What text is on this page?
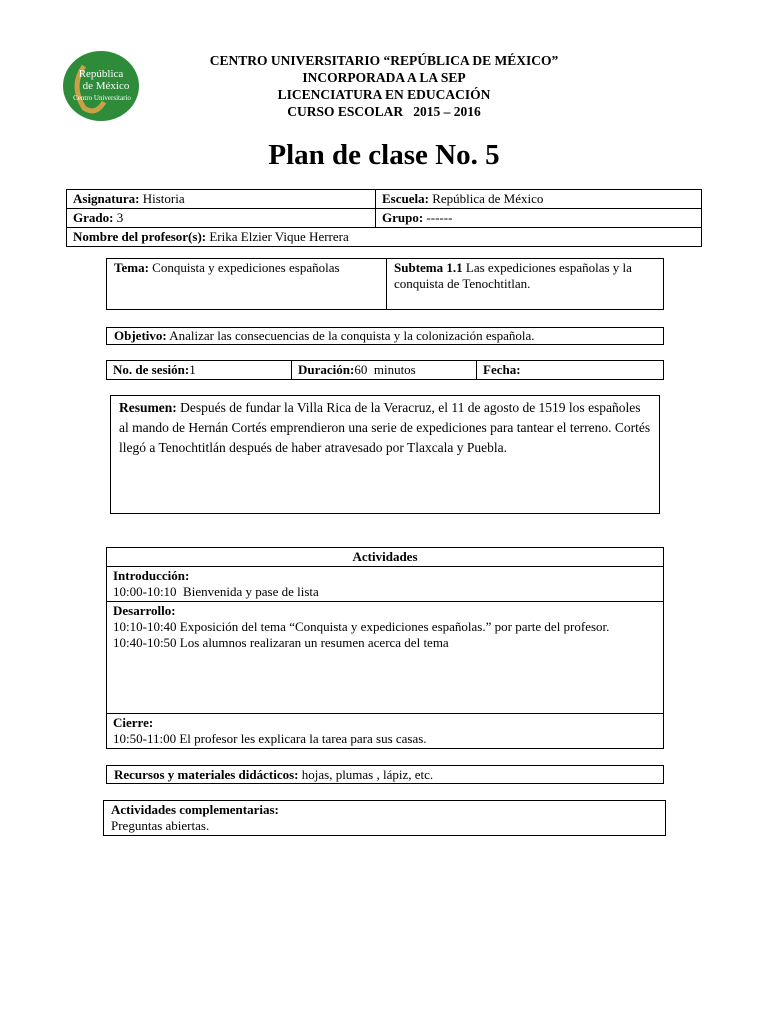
República
de México
Centro Universitario
CENTRO UNIVERSITARIO “REPÚBLICA DE MÉXICO”
INCORPORADA A LA SEP
LICENCIATURA EN EDUCACIÓN
CURSO ESCOLAR   2015 – 2016
Plan de clase No. 5
Asignatura: Historia	Escuela: República de México
Grado: 3	Grupo: ------
Nombre del profesor(s): Erika Elzier Vique Herrera	
Tema: Conquista y expediciones españolas	Subtema 1.1 Las expediciones españolas y la conquista de Tenochtitlan.
Objetivo: Analizar las consecuencias de la conquista y la colonización española.
No. de sesión:1	Duración:60  minutos	Fecha:
Resumen: Después de fundar la Villa Rica de la Veracruz, el 11 de agosto de 1519 los españoles al mando de Hernán Cortés emprendieron una serie de expediciones para tantear el terreno. Cortés llegó a Tenochtitlán después de haber atravesado por Tlaxcala y Puebla.
Actividades

Introducción:
10:00-10:10  Bienvenida y pase de lista

Desarrollo:
10:10-10:40 Exposición del tema “Conquista y expediciones españolas.” por parte del profesor.
10:40-10:50 Los alumnos realizaran un resumen acerca del tema

Cierre:
10:50-11:00 El profesor les explicara la tarea para sus casas.
Recursos y materiales didácticos: hojas, plumas , lápiz, etc.
Actividades complementarias:
Preguntas abiertas.
